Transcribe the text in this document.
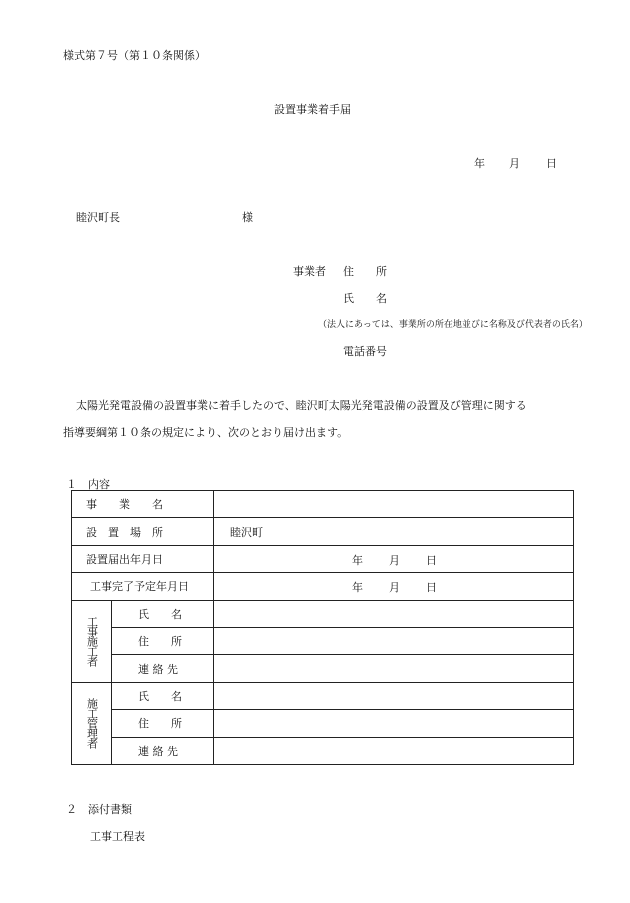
様式第７号（第１０条関係）
設置事業着手届
年 月 日
睦沢町長	様
事業者 住　　所
氏　　名
（法人にあっては、事業所の所在地並びに名称及び代表者の氏名）
電話番号
太陽光発電設備の設置事業に着手したので、睦沢町太陽光発電設備の設置及び管理に関する
指導要綱第１０条の規定により、次のとおり届け出ます。
１　内容
事　　業　　名		
設　置　場　所		睦沢町
設置届出年月日		年 月 日

工事完了予定年月日		年 月 日

工事施工者	氏　　名	
	住　　所	
	連 絡 先	

施工管理者	氏　　名	
	住　　所	
	連 絡 先	
２　添付書類
工事工程表
